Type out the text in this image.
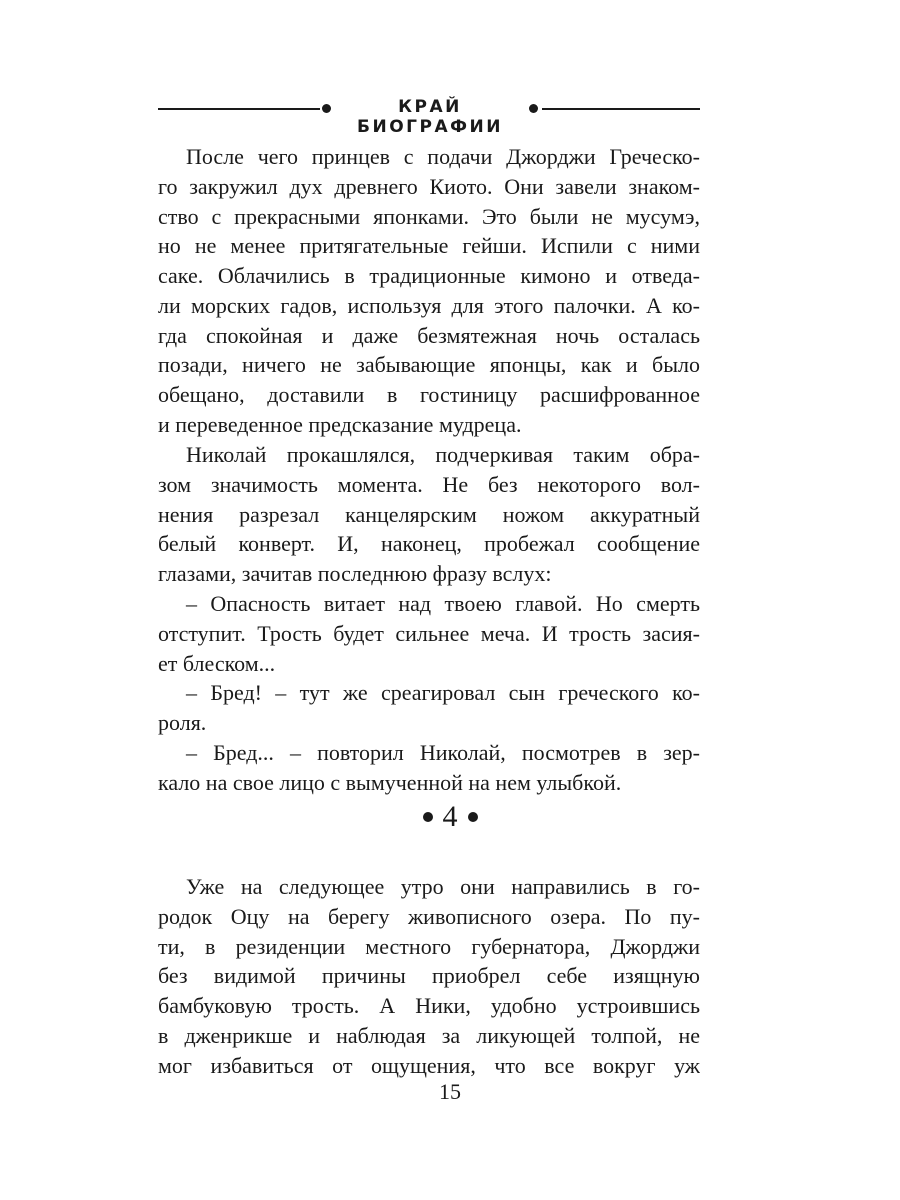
КРАЙ БИОГРАФИИ
После чего принцев с подачи Джорджи Греческо-
го закружил дух древнего Киото. Они завели знаком-
ство с прекрасными японками. Это были не мусумэ,
но не менее притягательные гейши. Испили с ними
саке. Облачились в традиционные кимоно и отведа-
ли морских гадов, используя для этого палочки. А ко-
гда спокойная и даже безмятежная ночь осталась
позади, ничего не забывающие японцы, как и было
обещано, доставили в гостиницу расшифрованное
и переведенное предсказание мудреца.
Николай прокашлялся, подчеркивая таким обра-
зом значимость момента. Не без некоторого вол-
нения разрезал канцелярским ножом аккуратный
белый конверт. И, наконец, пробежал сообщение
глазами, зачитав последнюю фразу вслух:
– Опасность витает над твоею главой. Но смерть
отступит. Трость будет сильнее меча. И трость засия-
ет блеском...
– Бред! – тут же среагировал сын греческого ко-
роля.
– Бред... – повторил Николай, посмотрев в зер-
кало на свое лицо с вымученной на нем улыбкой.
4
Уже на следующее утро они направились в го-
родок Оцу на берегу живописного озера. По пу-
ти, в резиденции местного губернатора, Джорджи
без видимой причины приобрел себе изящную
бамбуковую трость. А Ники, удобно устроившись
в дженрикше и наблюдая за ликующей толпой, не
мог избавиться от ощущения, что все вокруг уж
15
